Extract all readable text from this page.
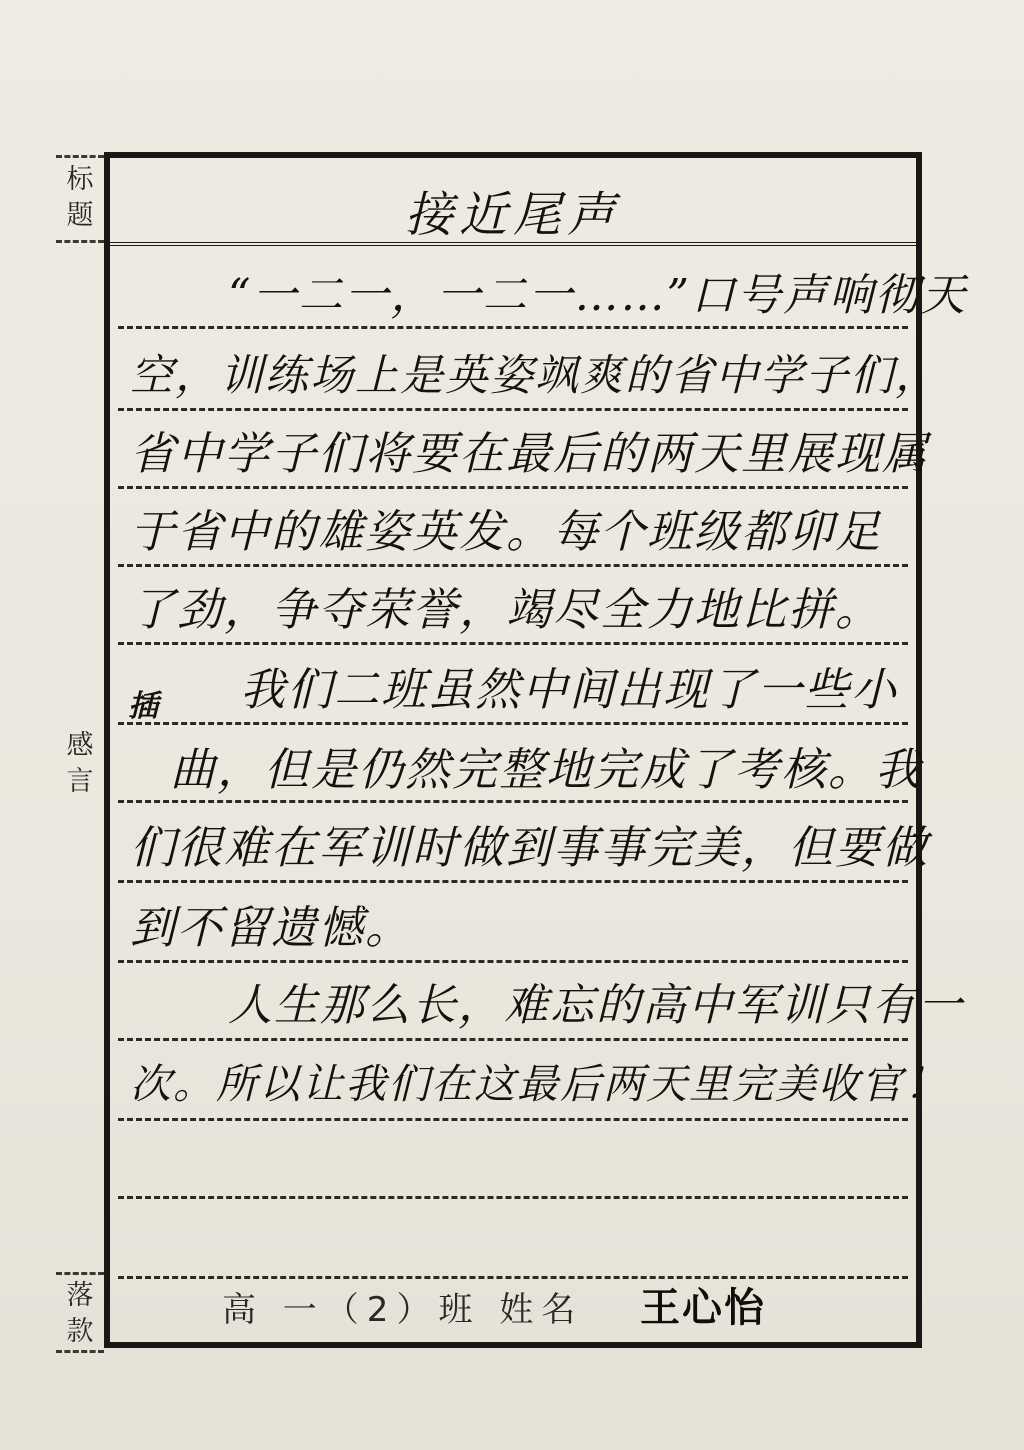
标题
感言
落款
接近尾声
“一二一，一二一……”口号声响彻天
空，训练场上是英姿飒爽的省中学子们，
省中学子们将要在最后的两天里展现属
于省中的雄姿英发。每个班级都卯足
了劲，争夺荣誉，竭尽全力地比拼。
我们二班虽然中间出现了一些小
曲，但是仍然完整地完成了考核。我
们很难在军训时做到事事完美，但要做
到不留遗憾。
人生那么长，难忘的高中军训只有一
次。所以让我们在这最后两天里完美收官！
插
高 一（2）班 姓名 王心怡
